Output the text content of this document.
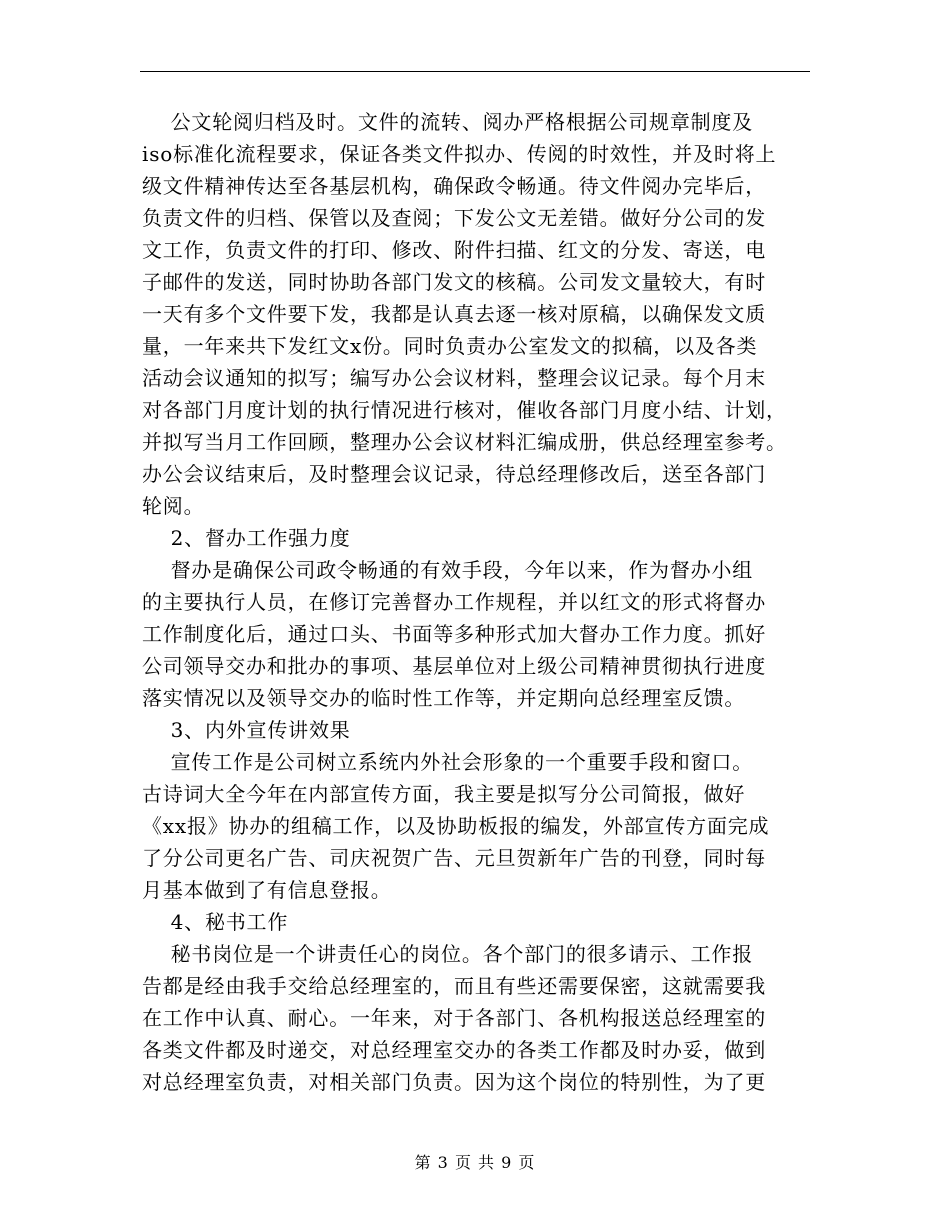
公文轮阅归档及时。文件的流转、阅办严格根据公司规章制度及
iso标准化流程要求，保证各类文件拟办、传阅的时效性，并及时将上
级文件精神传达至各基层机构，确保政令畅通。待文件阅办完毕后，
负责文件的归档、保管以及查阅；下发公文无差错。做好分公司的发
文工作，负责文件的打印、修改、附件扫描、红文的分发、寄送，电
子邮件的发送，同时协助各部门发文的核稿。公司发文量较大，有时
一天有多个文件要下发，我都是认真去逐一核对原稿，以确保发文质
量，一年来共下发红文x份。同时负责办公室发文的拟稿，以及各类
活动会议通知的拟写；编写办公会议材料，整理会议记录。每个月末
对各部门月度计划的执行情况进行核对，催收各部门月度小结、计划，
并拟写当月工作回顾，整理办公会议材料汇编成册，供总经理室参考。
办公会议结束后，及时整理会议记录，待总经理修改后，送至各部门
轮阅。
2、督办工作强力度
督办是确保公司政令畅通的有效手段，今年以来，作为督办小组
的主要执行人员，在修订完善督办工作规程，并以红文的形式将督办
工作制度化后，通过口头、书面等多种形式加大督办工作力度。抓好
公司领导交办和批办的事项、基层单位对上级公司精神贯彻执行进度
落实情况以及领导交办的临时性工作等，并定期向总经理室反馈。
3、内外宣传讲效果
宣传工作是公司树立系统内外社会形象的一个重要手段和窗口。
古诗词大全今年在内部宣传方面，我主要是拟写分公司简报，做好
《xx报》协办的组稿工作，以及协助板报的编发，外部宣传方面完成
了分公司更名广告、司庆祝贺广告、元旦贺新年广告的刊登，同时每
月基本做到了有信息登报。
4、秘书工作
秘书岗位是一个讲责任心的岗位。各个部门的很多请示、工作报
告都是经由我手交给总经理室的，而且有些还需要保密，这就需要我
在工作中认真、耐心。一年来，对于各部门、各机构报送总经理室的
各类文件都及时递交，对总经理室交办的各类工作都及时办妥，做到
对总经理室负责，对相关部门负责。因为这个岗位的特别性，为了更
第 3 页 共 9 页
